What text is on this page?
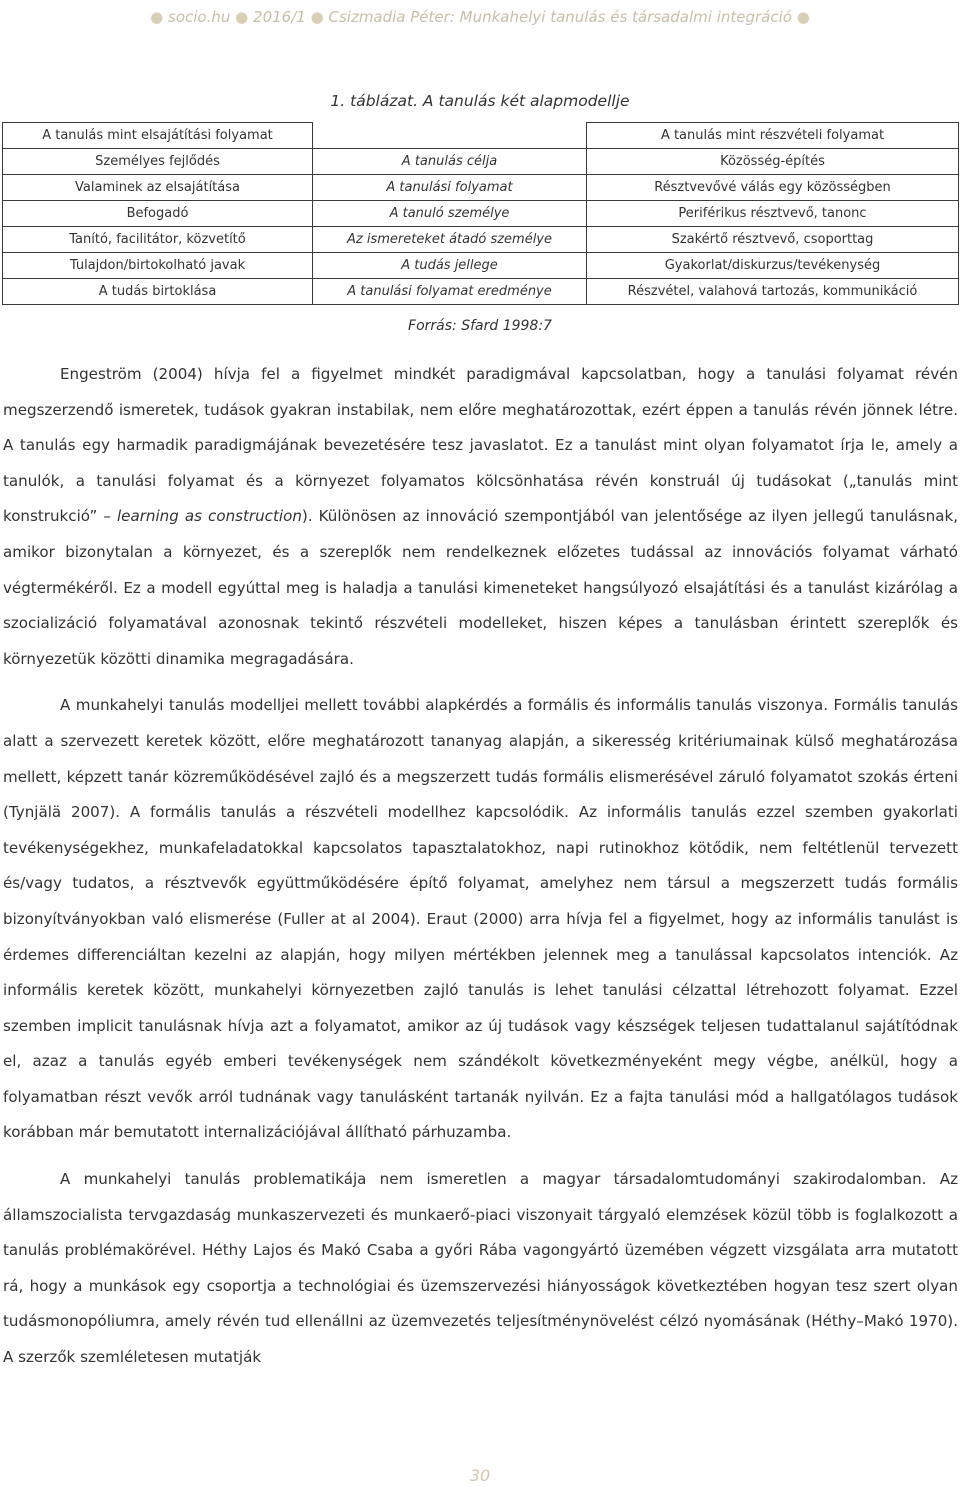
● socio.hu ● 2016/1 ● Csizmadia Péter: Munkahelyi tanulás és társadalmi integráció ●
1. táblázat. A tanulás két alapmodellje
A tanulás mint elsajátítási folyamat		A tanulás mint részvételi folyamat
Személyes fejlődés	A tanulás célja	Közösség-építés
Valaminek az elsajátítása	A tanulási folyamat	Résztvevővé válás egy közösségben
Befogadó	A tanuló személye	Periférikus résztvevő, tanonc
Tanító, facilitátor, közvetítő	Az ismereteket átadó személye	Szakértő résztvevő, csoporttag
Tulajdon/birtokolható javak	A tudás jellege	Gyakorlat/diskurzus/tevékenység
A tudás birtoklása	A tanulási folyamat eredménye	Részvétel, valahová tartozás, kommunikáció
Forrás: Sfard 1998:7

Engeström (2004) hívja fel a figyelmet mindkét paradigmával kapcsolatban, hogy a tanulási folyamat révén megszerzendő ismeretek, tudások gyakran instabilak, nem előre meghatározottak, ezért éppen a tanulás révén jönnek létre. A tanulás egy harmadik paradigmájának bevezetésére tesz javaslatot. Ez a tanulást mint olyan folyamatot írja le, amely a tanulók, a tanulási folyamat és a környezet folyamatos kölcsönhatása révén konstruál új tudásokat („tanulás mint konstrukció” – learning as construction). Különösen az innováció szempontjából van jelentősége az ilyen jellegű tanulásnak, amikor bizonytalan a környezet, és a szereplők nem rendelkeznek előzetes tudással az innovációs folyamat várható végtermékéről. Ez a modell egyúttal meg is haladja a tanulási kimeneteket hangsúlyozó elsajátítási és a tanulást kizárólag a szocializáció folyamatával azonosnak tekintő részvételi modelleket, hiszen képes a tanulásban érintett szereplők és környezetük közötti dinamika megragadására.

A munkahelyi tanulás modelljei mellett további alapkérdés a formális és informális tanulás viszonya. Formális tanulás alatt a szervezett keretek között, előre meghatározott tananyag alapján, a sikeresség kritériumainak külső meghatározása mellett, képzett tanár közreműködésével zajló és a megszerzett tudás formális elismerésével záruló folyamatot szokás érteni (Tynjälä 2007). A formális tanulás a részvételi modellhez kapcsolódik. Az informális tanulás ezzel szemben gyakorlati tevékenységekhez, munkafeladatokkal kapcsolatos tapasztalatokhoz, napi rutinokhoz kötődik, nem feltétlenül tervezett és/vagy tudatos, a résztvevők együttműködésére építő folyamat, amelyhez nem társul a megszerzett tudás formális bizonyítványokban való elismerése (Fuller at al 2004). Eraut (2000) arra hívja fel a figyelmet, hogy az informális tanulást is érdemes differenciáltan kezelni az alapján, hogy milyen mértékben jelennek meg a tanulással kapcsolatos intenciók. Az informális keretek között, munkahelyi környezetben zajló tanulás is lehet tanulási célzattal létrehozott folyamat. Ezzel szemben implicit tanulásnak hívja azt a folyamatot, amikor az új tudások vagy készségek teljesen tudattalanul sajátítódnak el, azaz a tanulás egyéb emberi tevékenységek nem szándékolt következményeként megy végbe, anélkül, hogy a folyamatban részt vevők arról tudnának vagy tanulásként tartanák nyilván. Ez a fajta tanulási mód a hallgatólagos tudások korábban már bemutatott internalizációjával állítható párhuzamba.

A munkahelyi tanulás problematikája nem ismeretlen a magyar társadalomtudományi szakirodalomban. Az államszocialista tervgazdaság munkaszervezeti és munkaerő-piaci viszonyait tárgyaló elemzések közül több is foglalkozott a tanulás problémakörével. Héthy Lajos és Makó Csaba a győri Rába vagongyártó üzemében végzett vizsgálata arra mutatott rá, hogy a munkások egy csoportja a technológiai és üzemszervezési hiányosságok következtében hogyan tesz szert olyan tudásmonopóliumra, amely révén tud ellenállni az üzemvezetés teljesítménynövelést célzó nyomásának (Héthy–Makó 1970). A szerzők szemléletesen mutatják

30
